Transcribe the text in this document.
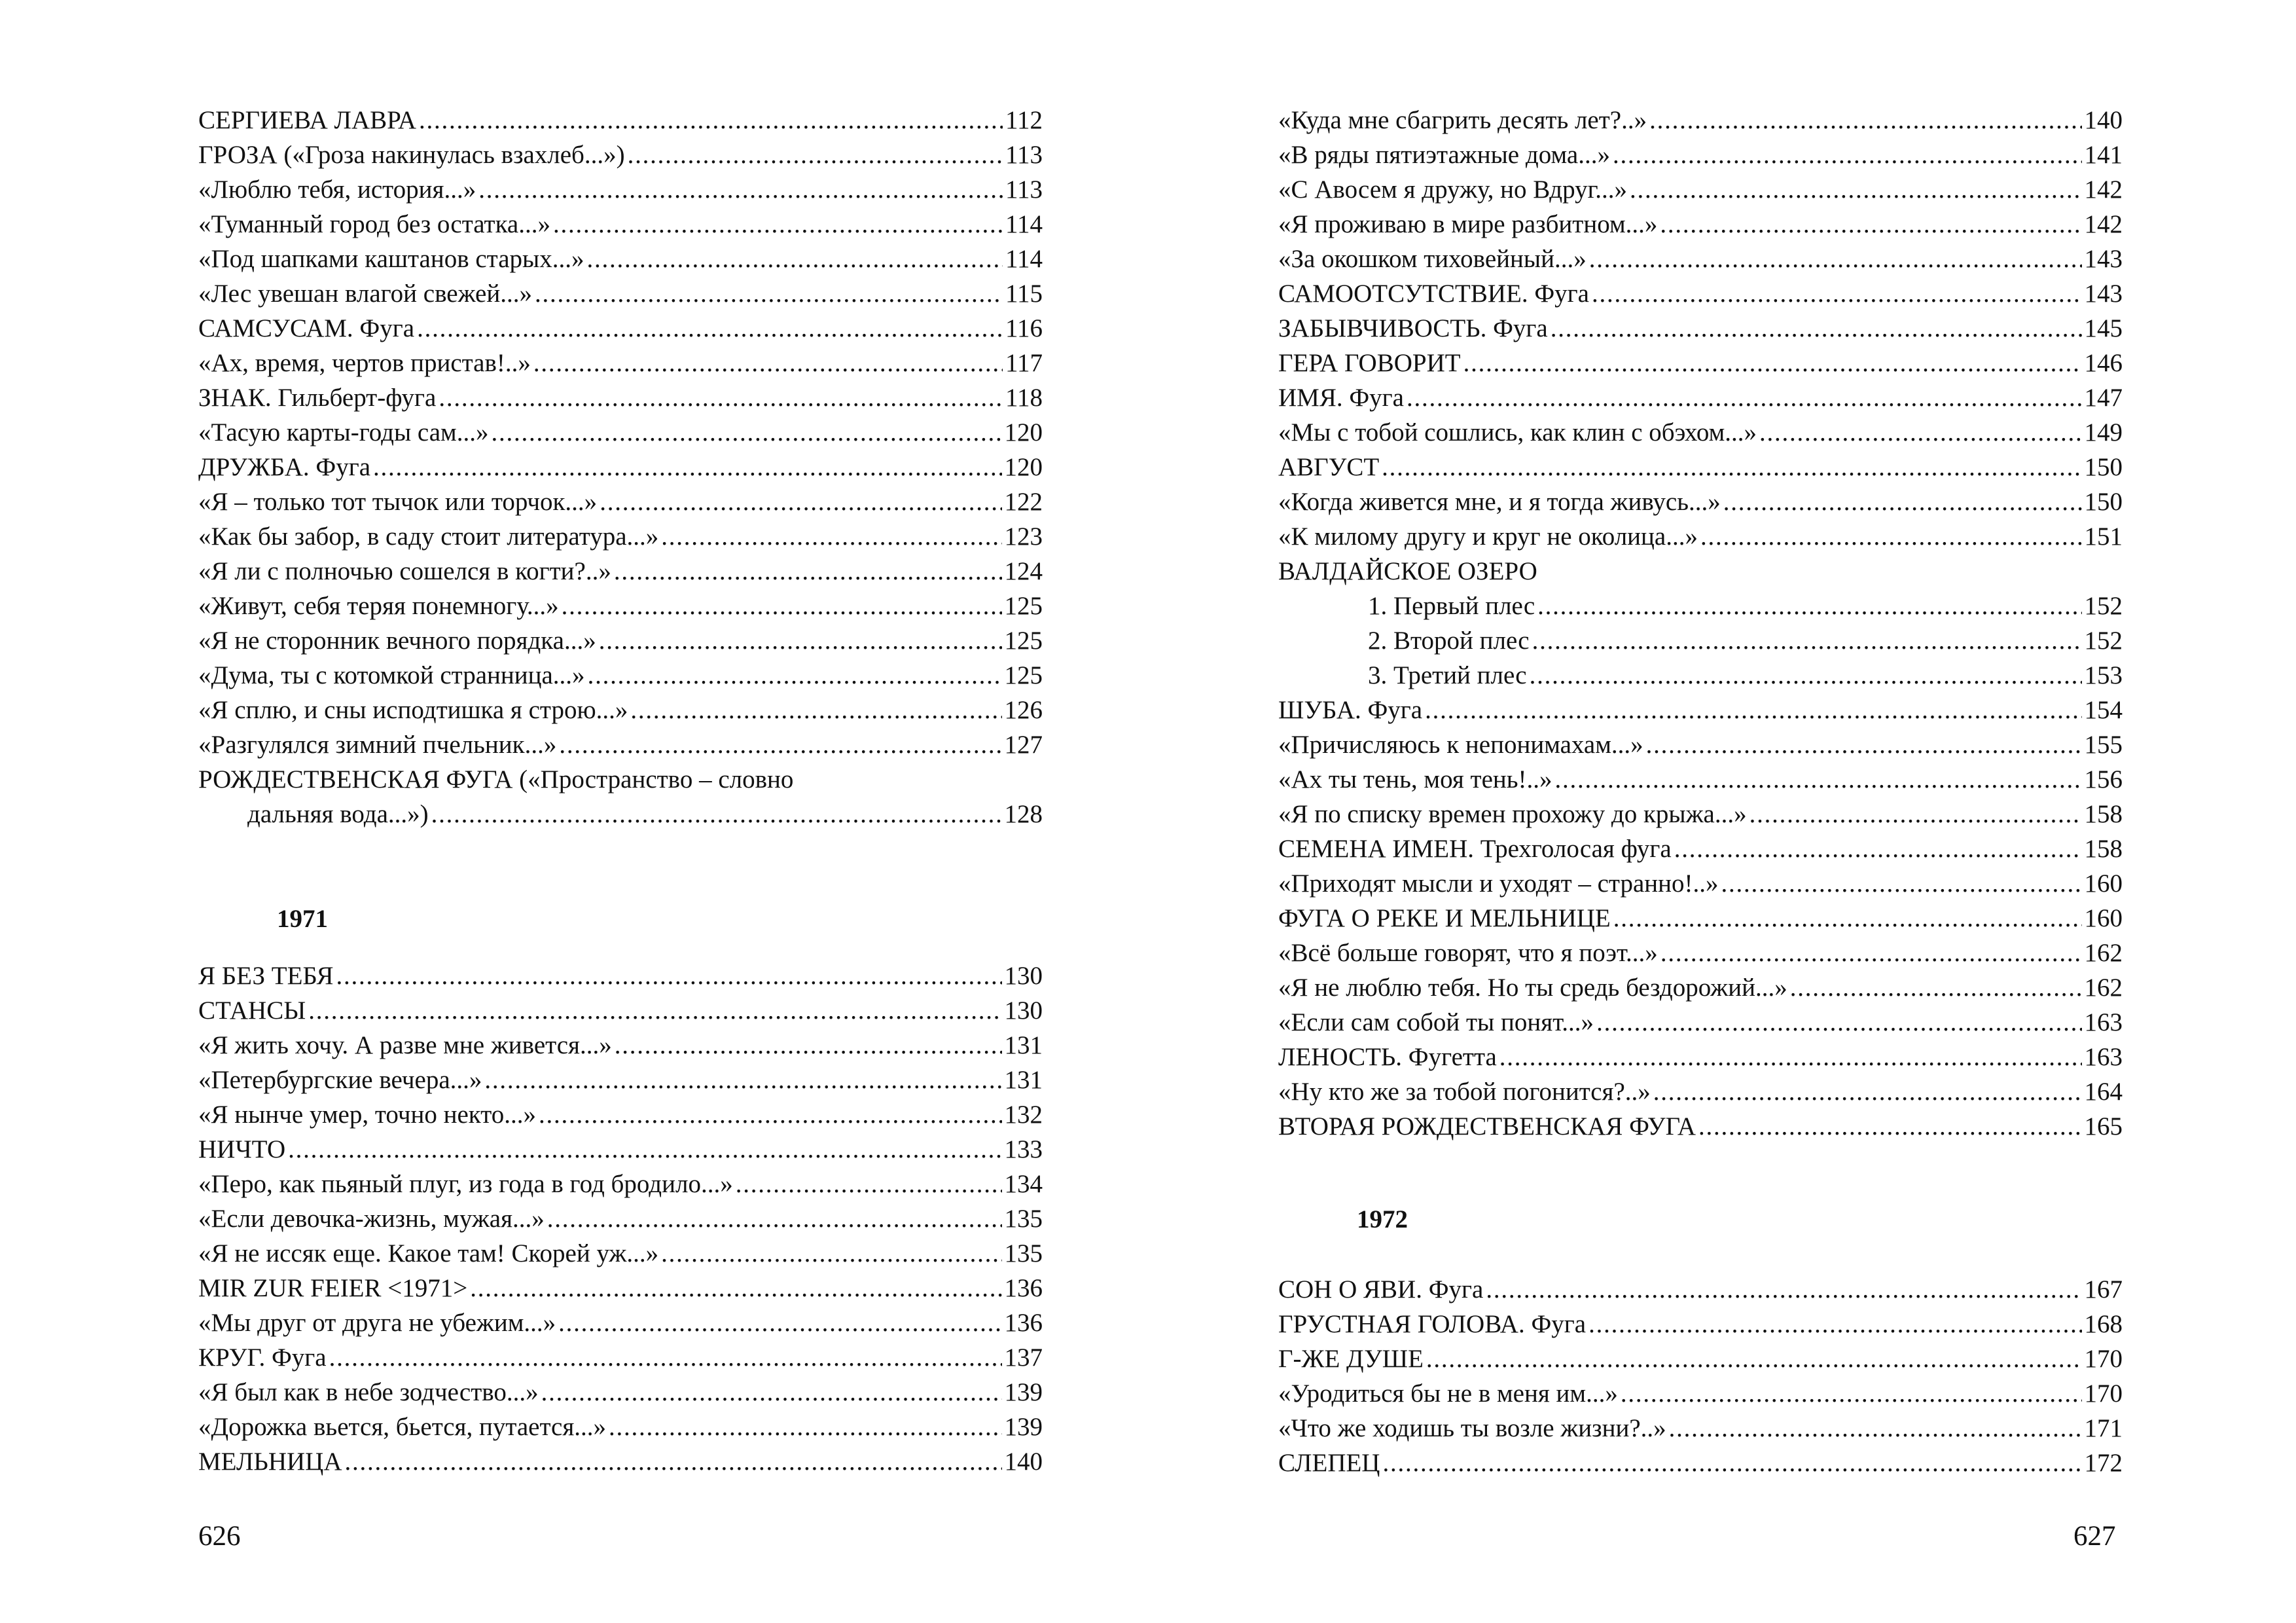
СЕРГИЕВА ЛАВРА . . .	112
ГРОЗА («Гроза накинулась взахлеб...») . . .	113
«Люблю тебя, история...» . . .	113
«Туманный город без остатка...» . . .	114
«Под шапками каштанов старых...» . . .	114
«Лес увешан влагой свежей...» . . .	115
САМСУСАМ. Фуга . . .	116
«Ах, время, чертов пристав!..» . . .	117
ЗНАК. Гильберт-фуга . . .	118
«Тасую карты-годы сам...» . . .	120
ДРУЖБА. Фуга . . .	120
«Я – только тот тычок или торчок...» . . .	122
«Как бы забор, в саду стоит литература...» . . .	123
«Я ли с полночью сошелся в когти?..» . . .	124
«Живут, себя теряя понемногу...» . . .	125
«Я не сторонник вечного порядка...» . . .	125
«Дума, ты с котомкой странница...» . . .	125
«Я сплю, и сны исподтишка я строю...» . . .	126
«Разгулялся зимний пчельник...» . . .	127
РОЖДЕСТВЕНСКАЯ ФУГА («Пространство – словно
дальняя вода...») . . .	128
1971
Я БЕЗ ТЕБЯ . . .	130
СТАНСЫ . . .	130
«Я жить хочу. А разве мне живется...» . . .	131
«Петербургские вечера...» . . .	131
«Я нынче умер, точно некто...» . . .	132
НИЧТО . . .	133
«Перо, как пьяный плуг, из года в год бродило...» . . .	134
«Если девочка-жизнь, мужая...» . . .	135
«Я не иссяк еще. Какое там! Скорей уж...» . . .	135
MIR ZUR FEIER <1971> . . .	136
«Мы друг от друга не убежим...» . . .	136
КРУГ. Фуга . . .	137
«Я был как в небе зодчество...» . . .	139
«Дорожка вьется, бьется, путается...» . . .	139
МЕЛЬНИЦА . . .	140
626
«Куда мне сбагрить десять лет?..» . . .	140
«В ряды пятиэтажные дома...» . . .	141
«С Авосем я дружу, но Вдруг...» . . .	142
«Я проживаю в мире разбитном...» . . .	142
«За окошком тиховейный...» . . .	143
САМООТСУТСТВИЕ. Фуга . . .	143
ЗАБЫВЧИВОСТЬ. Фуга . . .	145
ГЕРА ГОВОРИТ . . .	146
ИМЯ. Фуга . . .	147
«Мы с тобой сошлись, как клин с обэхом...» . . .	149
АВГУСТ . . .	150
«Когда живется мне, и я тогда живусь...» . . .	150
«К милому другу и круг не околица...» . . .	151
ВАЛДАЙСКОЕ ОЗЕРО
1. Первый плес . . .	152
2. Второй плес . . .	152
3. Третий плес . . .	153
ШУБА. Фуга . . .	154
«Причисляюсь к непонимахам...» . . .	155
«Ах ты тень, моя тень!..» . . .	156
«Я по списку времен прохожу до крыжа...» . . .	158
СЕМЕНА ИМЕН. Трехголосая фуга . . .	158
«Приходят мысли и уходят – странно!..» . . .	160
ФУГА О РЕКЕ И МЕЛЬНИЦЕ . . .	160
«Всё больше говорят, что я поэт...» . . .	162
«Я не люблю тебя. Но ты средь бездорожий...» . . .	162
«Если сам собой ты понят...» . . .	163
ЛЕНОСТЬ. Фугетта . . .	163
«Ну кто же за тобой погонится?..» . . .	164
ВТОРАЯ РОЖДЕСТВЕНСКАЯ ФУГА . . .	165
1972
СОН О ЯВИ. Фуга . . .	167
ГРУСТНАЯ ГОЛОВА. Фуга . . .	168
Г-ЖЕ ДУШЕ . . .	170
«Уродиться бы не в меня им...» . . .	170
«Что же ходишь ты возле жизни?..» . . .	171
СЛЕПЕЦ . . .	172
627
